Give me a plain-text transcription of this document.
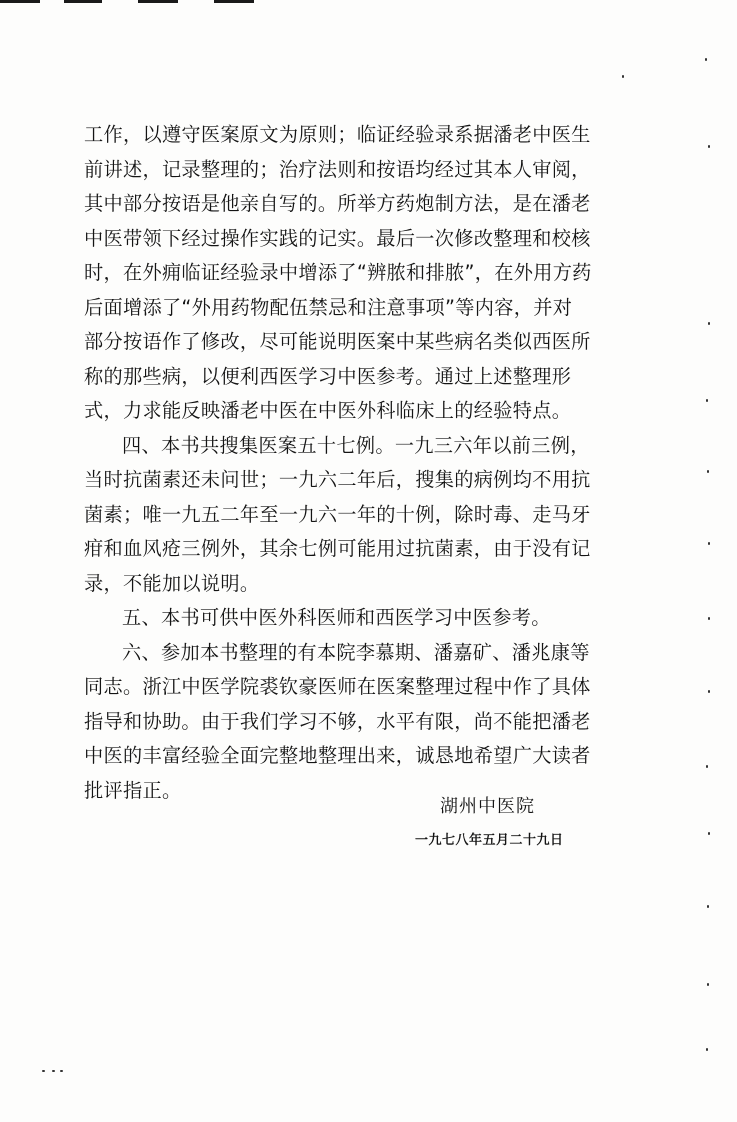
工作，以遵守医案原文为原则；临证经验录系据潘老中医生
前讲述，记录整理的；治疗法则和按语均经过其本人审阅，
其中部分按语是他亲自写的。所举方药炮制方法，是在潘老
中医带领下经过操作实践的记实。最后一次修改整理和校核
时，在外痈临证经验录中增添了“辨脓和排脓”，在外用方药
后面增添了“外用药物配伍禁忌和注意事项”等内容，并对
部分按语作了修改，尽可能说明医案中某些病名类似西医所
称的那些病，以便利西医学习中医参考。通过上述整理形
式，力求能反映潘老中医在中医外科临床上的经验特点。
四、本书共搜集医案五十七例。一九三六年以前三例，
当时抗菌素还未问世；一九六二年后，搜集的病例均不用抗
菌素；唯一九五二年至一九六一年的十例，除时毒、走马牙
疳和血风疮三例外，其余七例可能用过抗菌素，由于没有记
录，不能加以说明。
五、本书可供中医外科医师和西医学习中医参考。
六、参加本书整理的有本院李慕期、潘嘉矿、潘兆康等
同志。浙江中医学院裘钦豪医师在医案整理过程中作了具体
指导和协助。由于我们学习不够，水平有限，尚不能把潘老
中医的丰富经验全面完整地整理出来，诚恳地希望广大读者
批评指正。
湖州中医院
一九七八年五月二十九日
